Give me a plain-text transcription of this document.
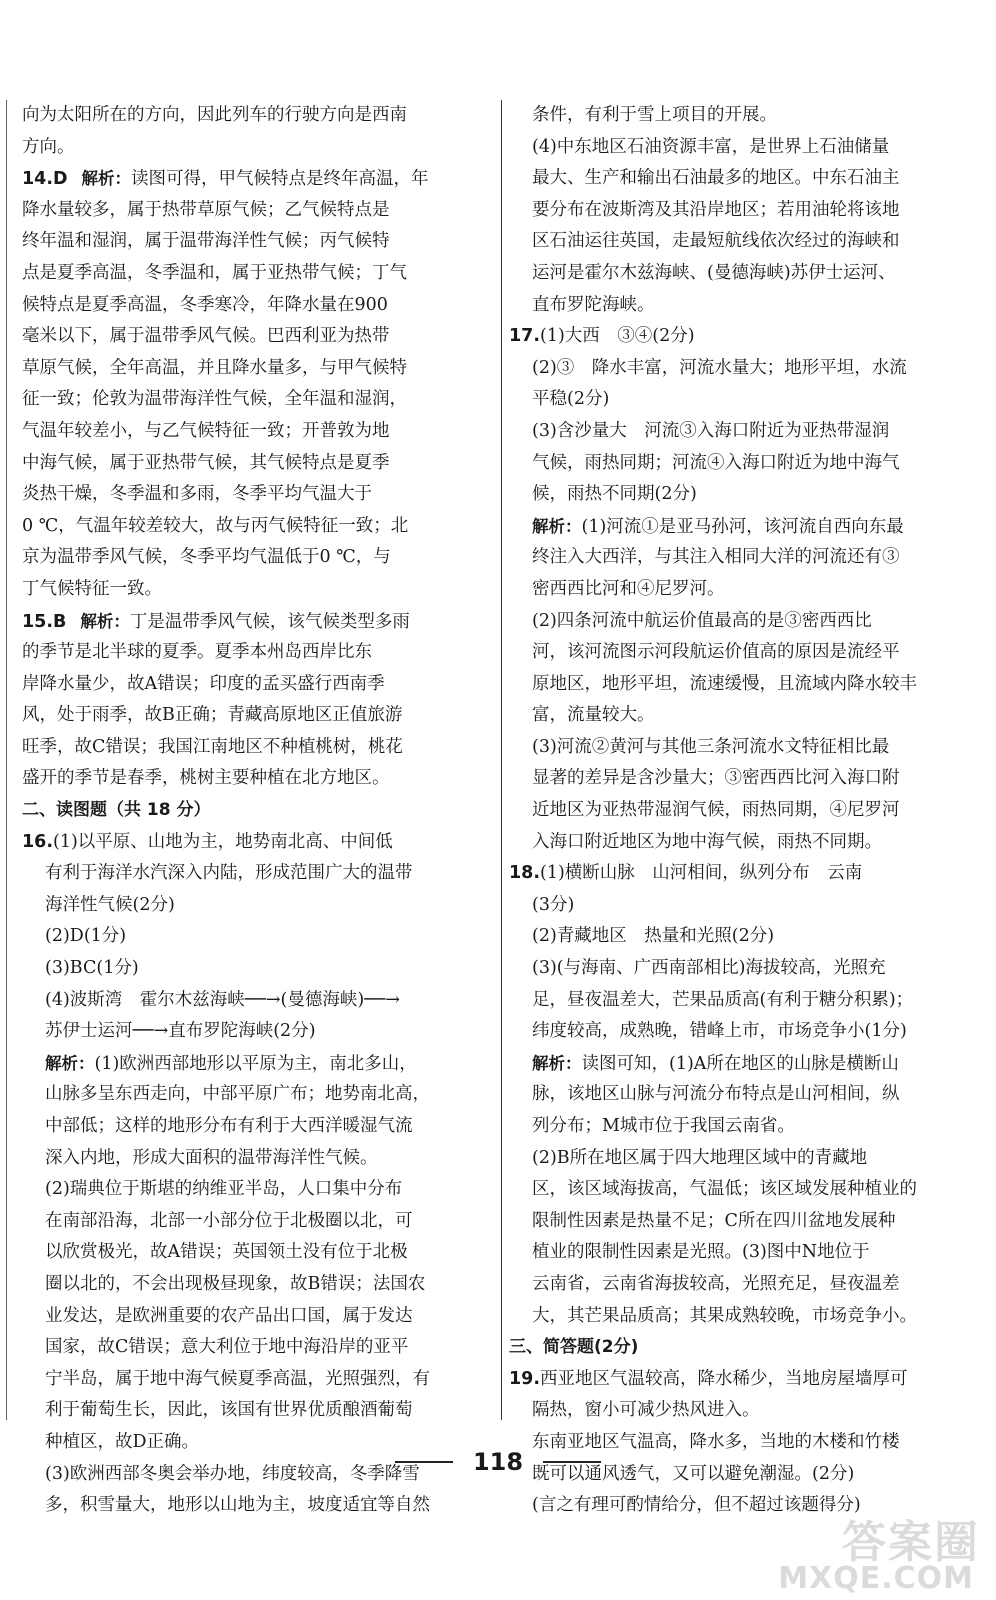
向为太阳所在的方向，因此列车的行驶方向是西南
方向。
14.D 解析：读图可得，甲气候特点是终年高温，年
降水量较多，属于热带草原气候；乙气候特点是
终年温和湿润，属于温带海洋性气候；丙气候特
点是夏季高温，冬季温和，属于亚热带气候；丁气
候特点是夏季高温，冬季寒冷，年降水量在900
毫米以下，属于温带季风气候。巴西利亚为热带
草原气候，全年高温，并且降水量多，与甲气候特
征一致；伦敦为温带海洋性气候，全年温和湿润，
气温年较差小，与乙气候特征一致；开普敦为地
中海气候，属于亚热带气候，其气候特点是夏季
炎热干燥，冬季温和多雨，冬季平均气温大于
0 ℃，气温年较差较大，故与丙气候特征一致；北
京为温带季风气候，冬季平均气温低于0 ℃，与
丁气候特征一致。
15.B 解析：丁是温带季风气候，该气候类型多雨
的季节是北半球的夏季。夏季本州岛西岸比东
岸降水量少，故A错误；印度的孟买盛行西南季
风，处于雨季，故B正确；青藏高原地区正值旅游
旺季，故C错误；我国江南地区不种植桃树，桃花
盛开的季节是春季，桃树主要种植在北方地区。
二、读图题（共 18 分）
16.(1)以平原、山地为主，地势南北高、中间低
有利于海洋水汽深入内陆，形成范围广大的温带
海洋性气候(2分)
(2)D(1分)
(3)BC(1分)
(4)波斯湾　霍尔木兹海峡──→(曼德海峡)──→
苏伊士运河──→直布罗陀海峡(2分)
解析：(1)欧洲西部地形以平原为主，南北多山，
山脉多呈东西走向，中部平原广布；地势南北高，
中部低；这样的地形分布有利于大西洋暖湿气流
深入内地，形成大面积的温带海洋性气候。
(2)瑞典位于斯堪的纳维亚半岛，人口集中分布
在南部沿海，北部一小部分位于北极圈以北，可
以欣赏极光，故A错误；英国领土没有位于北极
圈以北的，不会出现极昼现象，故B错误；法国农
业发达，是欧洲重要的农产品出口国，属于发达
国家，故C错误；意大利位于地中海沿岸的亚平
宁半岛，属于地中海气候夏季高温，光照强烈，有
利于葡萄生长，因此，该国有世界优质酿酒葡萄
种植区，故D正确。
(3)欧洲西部冬奥会举办地，纬度较高，冬季降雪
多，积雪量大，地形以山地为主，坡度适宜等自然
条件，有利于雪上项目的开展。
(4)中东地区石油资源丰富，是世界上石油储量
最大、生产和输出石油最多的地区。中东石油主
要分布在波斯湾及其沿岸地区；若用油轮将该地
区石油运往英国，走最短航线依次经过的海峡和
运河是霍尔木兹海峡、(曼德海峡)苏伊士运河、
直布罗陀海峡。
17.(1)大西　③④(2分)
(2)③　降水丰富，河流水量大；地形平坦，水流
平稳(2分)
(3)含沙量大　河流③入海口附近为亚热带湿润
气候，雨热同期；河流④入海口附近为地中海气
候，雨热不同期(2分)
解析：(1)河流①是亚马孙河，该河流自西向东最
终注入大西洋，与其注入相同大洋的河流还有③
密西西比河和④尼罗河。
(2)四条河流中航运价值最高的是③密西西比
河，该河流图示河段航运价值高的原因是流经平
原地区，地形平坦，流速缓慢，且流域内降水较丰
富，流量较大。
(3)河流②黄河与其他三条河流水文特征相比最
显著的差异是含沙量大；③密西西比河入海口附
近地区为亚热带湿润气候，雨热同期，④尼罗河
入海口附近地区为地中海气候，雨热不同期。
18.(1)横断山脉　山河相间，纵列分布　云南
(3分)
(2)青藏地区　热量和光照(2分)
(3)(与海南、广西南部相比)海拔较高，光照充
足，昼夜温差大，芒果品质高(有利于糖分积累)；
纬度较高，成熟晚，错峰上市，市场竞争小(1分)
解析：读图可知，(1)A所在地区的山脉是横断山
脉，该地区山脉与河流分布特点是山河相间，纵
列分布；M城市位于我国云南省。
(2)B所在地区属于四大地理区域中的青藏地
区，该区域海拔高，气温低；该区域发展种植业的
限制性因素是热量不足；C所在四川盆地发展种
植业的限制性因素是光照。(3)图中N地位于
云南省，云南省海拔较高，光照充足，昼夜温差
大，其芒果品质高；其果成熟较晚，市场竞争小。
三、简答题(2分)
19.西亚地区气温较高，降水稀少，当地房屋墙厚可
隔热，窗小可减少热风进入。
东南亚地区气温高，降水多，当地的木楼和竹楼
既可以通风透气，又可以避免潮湿。(2分)
(言之有理可酌情给分，但不超过该题得分)
118
答案圈
MXQE.COM
